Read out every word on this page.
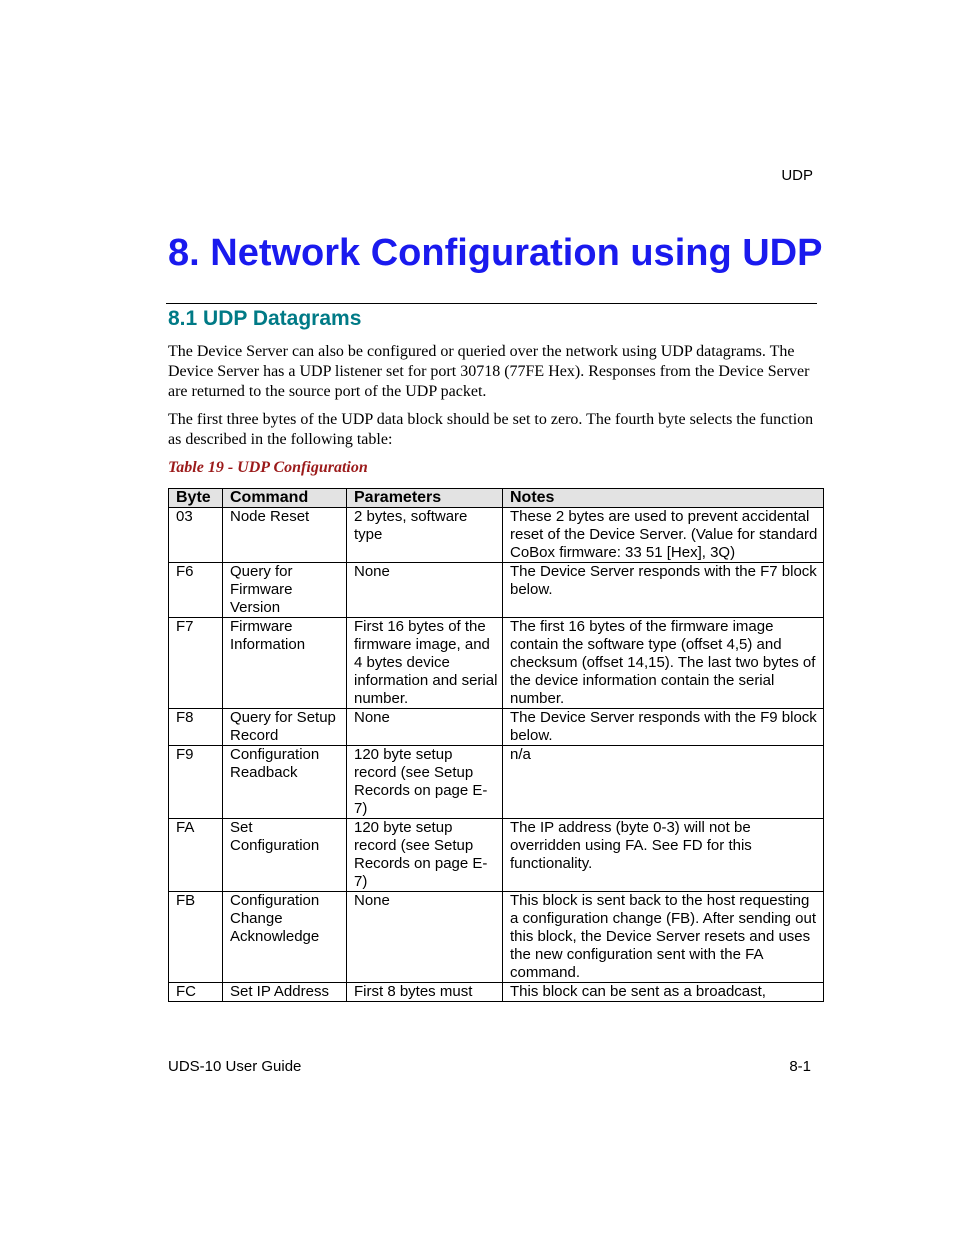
UDP
8. Network Configuration using UDP
8.1 UDP Datagrams

The Device Server can also be configured or queried over the network using UDP datagrams. The Device Server has a UDP listener set for port 30718 (77FE Hex). Responses from the Device Server are returned to the source port of the UDP packet.

The first three bytes of the UDP data block should be set to zero. The fourth byte selects the function as described in the following table:

Table 19 - UDP Configuration
Byte	Command	Parameters	Notes
03	Node Reset	2 bytes, software type	These 2 bytes are used to prevent accidental reset of the Device Server. (Value for standard CoBox firmware: 33 51 [Hex], 3Q)
F6	Query for Firmware Version	None	The Device Server responds with the F7 block below.
F7	Firmware Information	First 16 bytes of the firmware image, and 4 bytes device information and serial number.	The first 16 bytes of the firmware image contain the software type (offset 4,5) and checksum (offset 14,15). The last two bytes of the device information contain the serial number.
F8	Query for Setup Record	None	The Device Server responds with the F9 block below.
F9	Configuration Readback	120 byte setup record (see Setup Records on page E-7)	n/a
FA	Set Configuration	120 byte setup record (see Setup Records on page E-7)	The IP address (byte 0-3) will not be overridden using FA. See FD for this functionality.
FB	Configuration Change Acknowledge	None	This block is sent back to the host requesting a configuration change (FB). After sending out this block, the Device Server resets and uses the new configuration sent with the FA command.
FC	Set IP Address	First 8 bytes must	This block can be sent as a broadcast,
UDS-10 User Guide	8-1
